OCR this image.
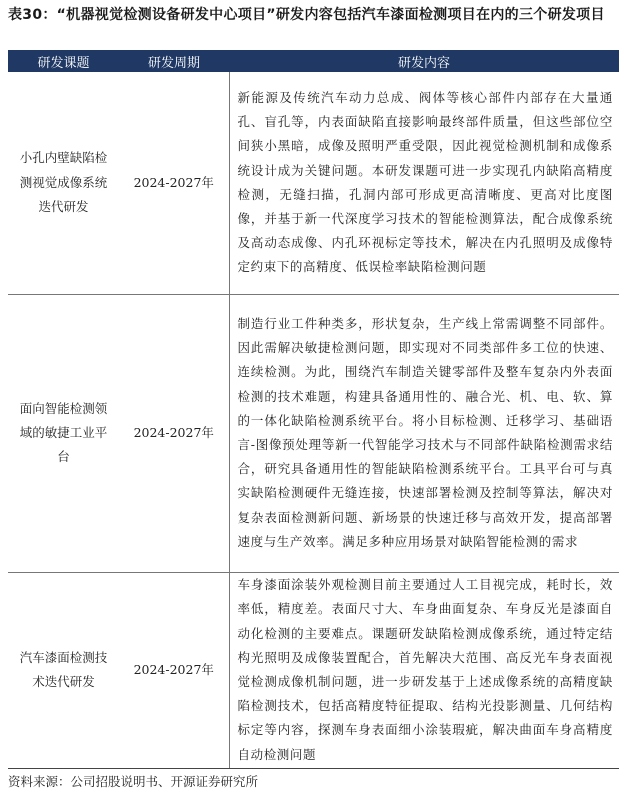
表30：“机器视觉检测设备研发中心项目”研发内容包括汽车漆面检测项目在内的三个研发项目
研发课题	研发周期	研发内容
小孔内壁缺陷检测视觉成像系统迭代研发	2024-2027年	新能源及传统汽车动力总成、阀体等核心部件内部存在大量通孔、盲孔等，内表面缺陷直接影响最终部件质量，但这些部位空间狭小黑暗，成像及照明严重受限，因此视觉检测机制和成像系统设计成为关键问题。本研发课题可进一步实现孔内缺陷高精度检测，无缝扫描，孔洞内部可形成更高清晰度、更高对比度图像，并基于新一代深度学习技术的智能检测算法，配合成像系统及高动态成像、内孔环视标定等技术，解决在内孔照明及成像特定约束下的高精度、低误检率缺陷检测问题
面向智能检测领域的敏捷工业平台	2024-2027年	制造行业工件种类多，形状复杂，生产线上常需调整不同部件。因此需解决敏捷检测问题，即实现对不同类部件多工位的快速、连续检测。为此，围绕汽车制造关键零部件及整车复杂内外表面检测的技术难题，构建具备通用性的、融合光、机、电、软、算的一体化缺陷检测系统平台。将小目标检测、迁移学习、基础语言-图像预处理等新一代智能学习技术与不同部件缺陷检测需求结合，研究具备通用性的智能缺陷检测系统平台。工具平台可与真实缺陷检测硬件无缝连接，快速部署检测及控制等算法，解决对复杂表面检测新问题、新场景的快速迁移与高效开发，提高部署速度与生产效率。满足多种应用场景对缺陷智能检测的需求
汽车漆面检测技术迭代研发	2024-2027年	车身漆面涂装外观检测目前主要通过人工目视完成，耗时长，效率低，精度差。表面尺寸大、车身曲面复杂、车身反光是漆面自动化检测的主要难点。课题研发缺陷检测成像系统，通过特定结构光照明及成像装置配合，首先解决大范围、高反光车身表面视觉检测成像机制问题，进一步研发基于上述成像系统的高精度缺陷检测技术，包括高精度特征提取、结构光投影测量、几何结构标定等内容，探测车身表面细小涂装瑕疵，解决曲面车身高精度自动检测问题
资料来源：公司招股说明书、开源证券研究所
